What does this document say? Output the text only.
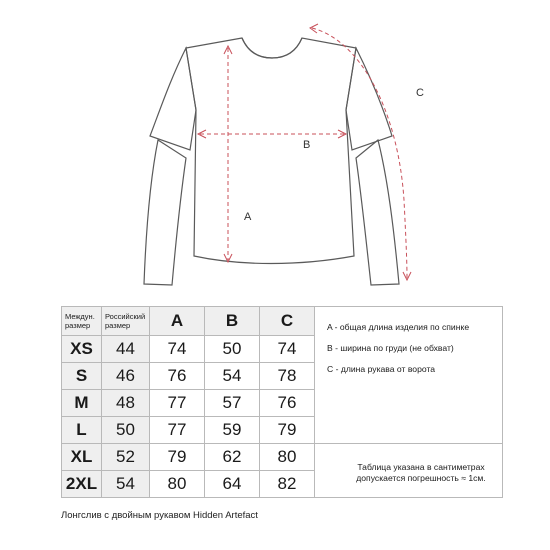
A
B
C
Междун. размер	Российский размер	A	B	C	A - общая длина изделия по спинке
B - ширина по груди (не обхват)
C - длина рукава от ворота

XS	44	74	50	74	
S	46	76	54	78	
M	48	77	57	76	
L	50	77	59	79	
XL	52	79	62	80	
2XL	54	80	64	82	
Таблица указана в сантиметрах допускается погрешность ≈ 1см.
Лонгслив с двойным рукавом Hidden Artefact
